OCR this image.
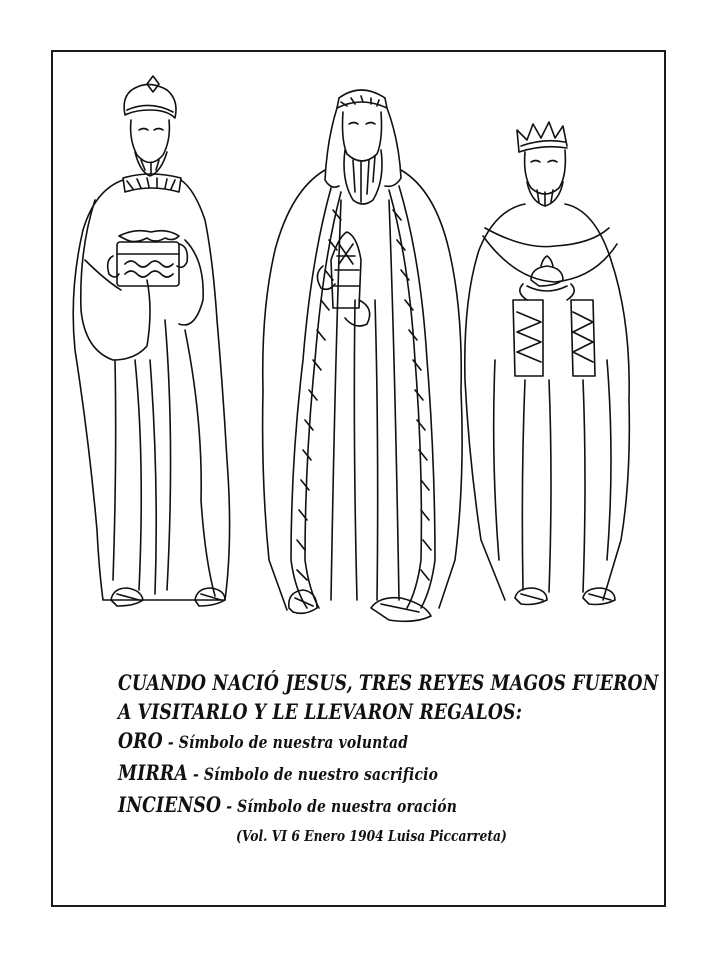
CUANDO NACIÓ JESUS, TRES REYES MAGOS FUERON
A VISITARLO Y LE LLEVARON REGALOS:
ORO - Símbolo de nuestra voluntad
MIRRA - Símbolo de nuestro sacrificio
INCIENSO - Símbolo de nuestra oración
(Vol. VI 6 Enero 1904 Luisa Piccarreta)
